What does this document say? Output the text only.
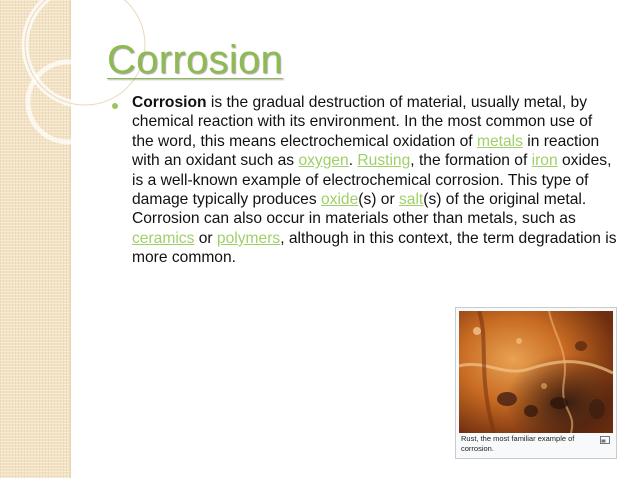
Corrosion

Corrosion is the gradual destruction of material, usually metal, by chemical reaction with its environment. In the most common use of the word, this means electrochemical oxidation of metals in reaction with an oxidant such as oxygen. Rusting, the formation of iron oxides, is a well-known example of electrochemical corrosion. This type of damage typically produces oxide(s) or salt(s) of the original metal. Corrosion can also occur in materials other than metals, such as ceramics or polymers, although in this context, the term degradation is more common.

Rust, the most familiar example of corrosion.
